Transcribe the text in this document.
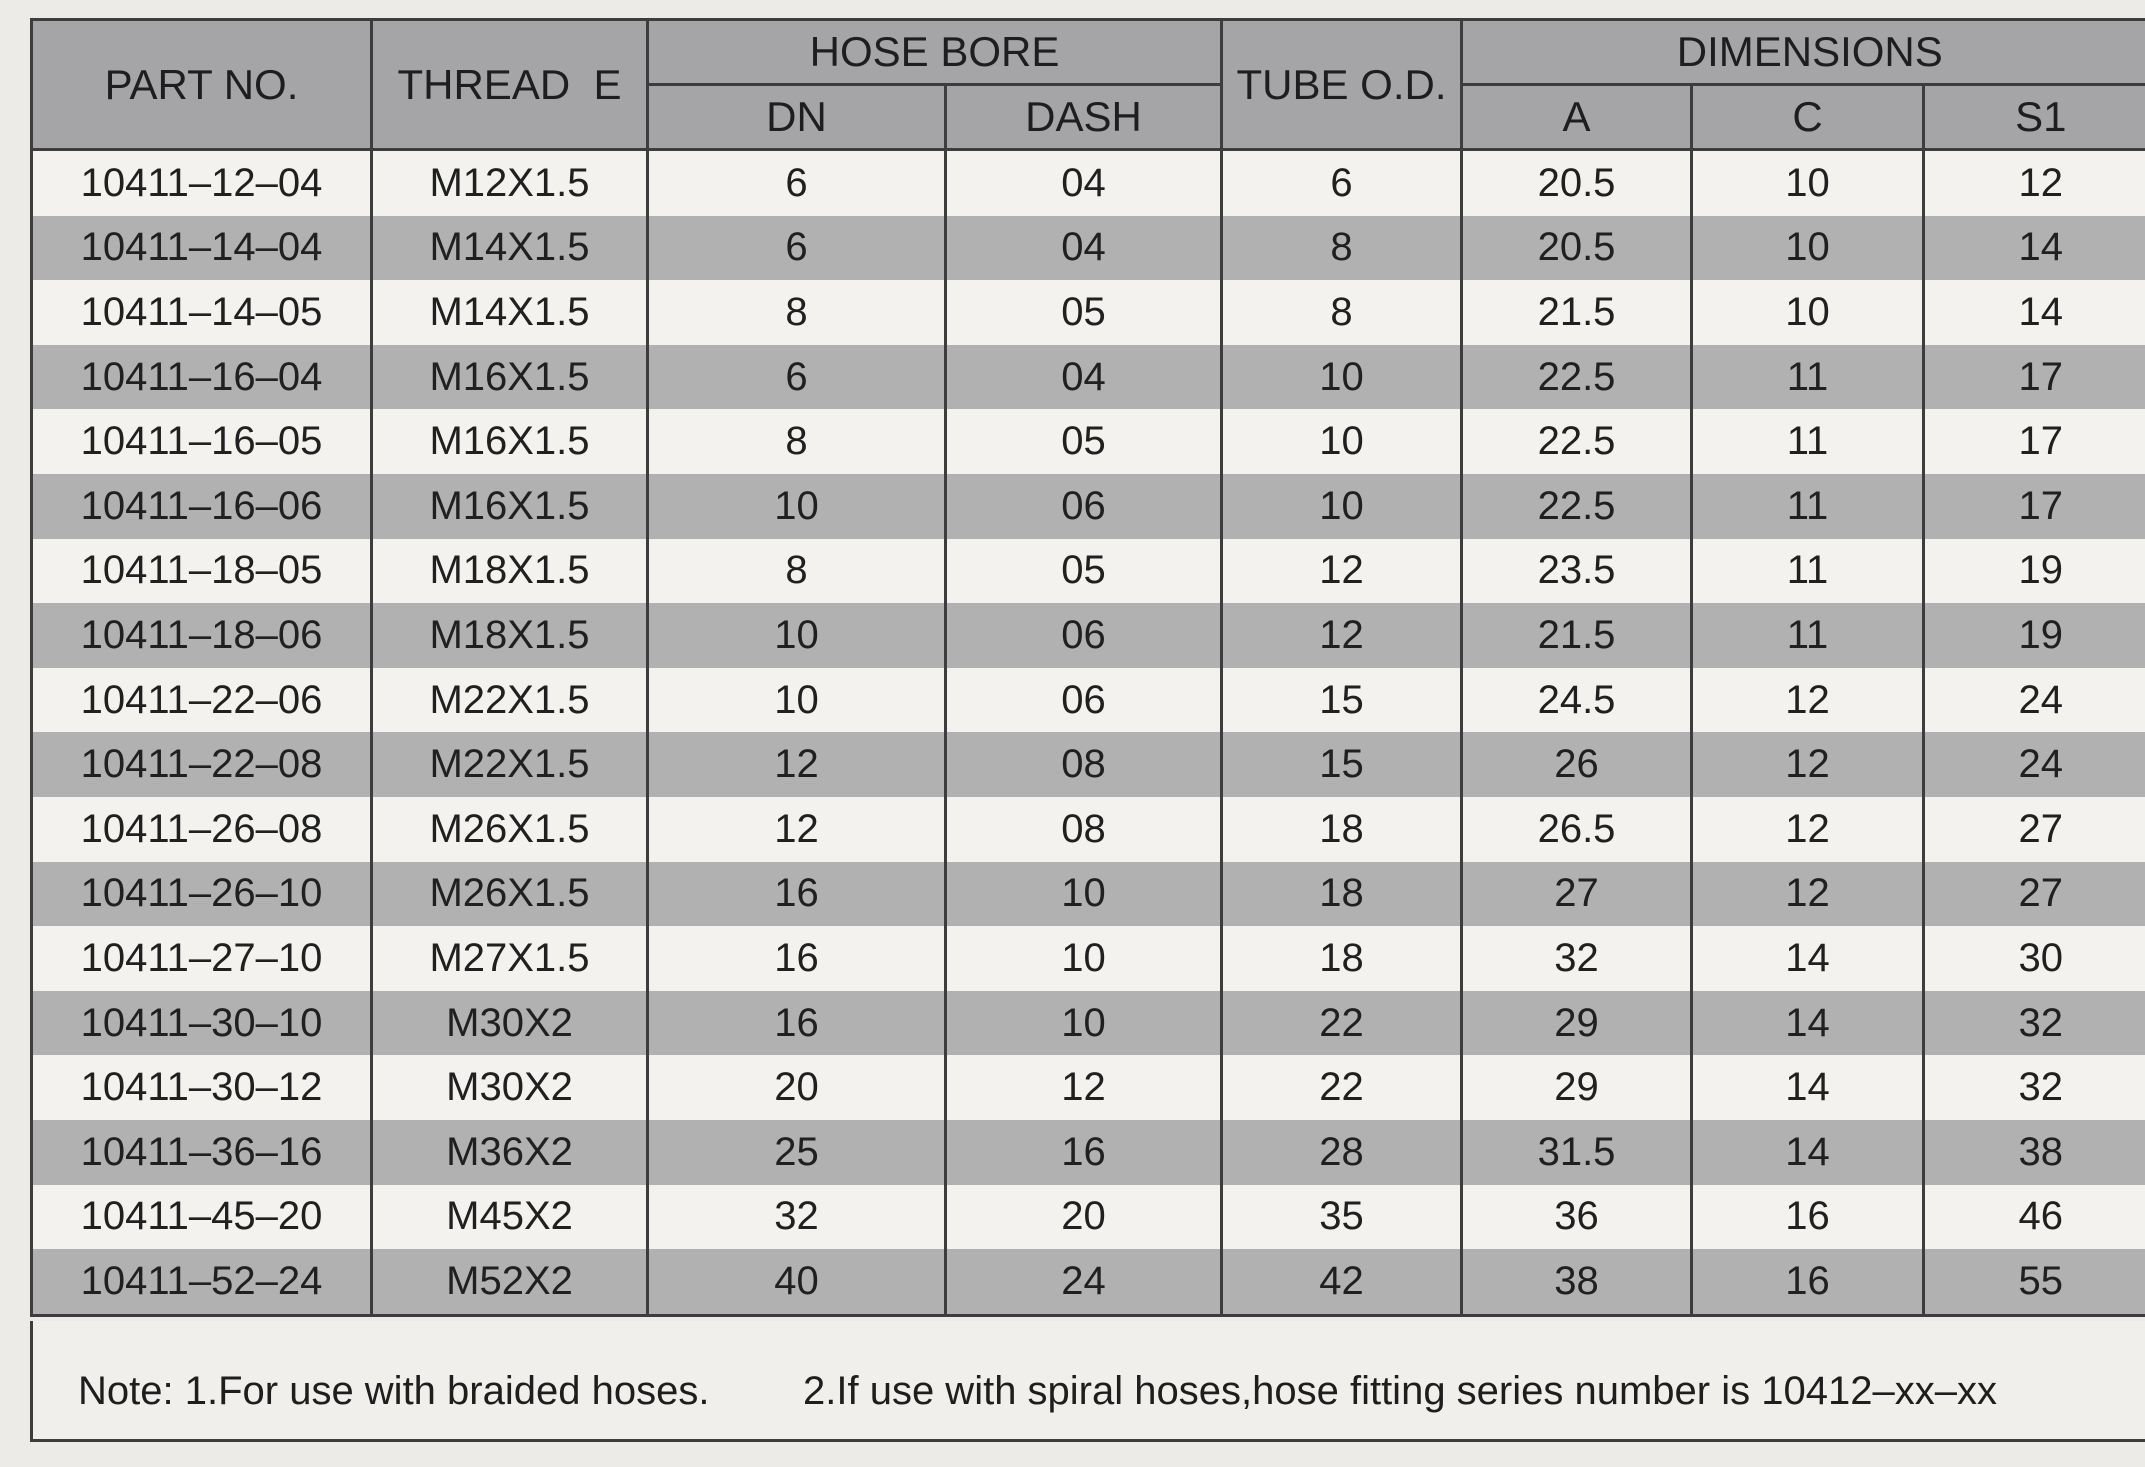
PART NO.	THREAD  E	HOSE BORE		TUBE O.D.	DIMENSIONS		
		DN	DASH		A	C	S1
10411–12–04	M12X1.5	6	04	6	20.5	10	12
10411–14–04	M14X1.5	6	04	8	20.5	10	14
10411–14–05	M14X1.5	8	05	8	21.5	10	14
10411–16–04	M16X1.5	6	04	10	22.5	11	17
10411–16–05	M16X1.5	8	05	10	22.5	11	17
10411–16–06	M16X1.5	10	06	10	22.5	11	17
10411–18–05	M18X1.5	8	05	12	23.5	11	19
10411–18–06	M18X1.5	10	06	12	21.5	11	19
10411–22–06	M22X1.5	10	06	15	24.5	12	24
10411–22–08	M22X1.5	12	08	15	26	12	24
10411–26–08	M26X1.5	12	08	18	26.5	12	27
10411–26–10	M26X1.5	16	10	18	27	12	27
10411–27–10	M27X1.5	16	10	18	32	14	30
10411–30–10	M30X2	16	10	22	29	14	32
10411–30–12	M30X2	20	12	22	29	14	32
10411–36–16	M36X2	25	16	28	31.5	14	38
10411–45–20	M45X2	32	20	35	36	16	46
10411–52–24	M52X2	40	24	42	38	16	55
Note: 1.For use with braided hoses. 2.If use with spiral hoses,hose fitting series number is 10412–xx–xx
